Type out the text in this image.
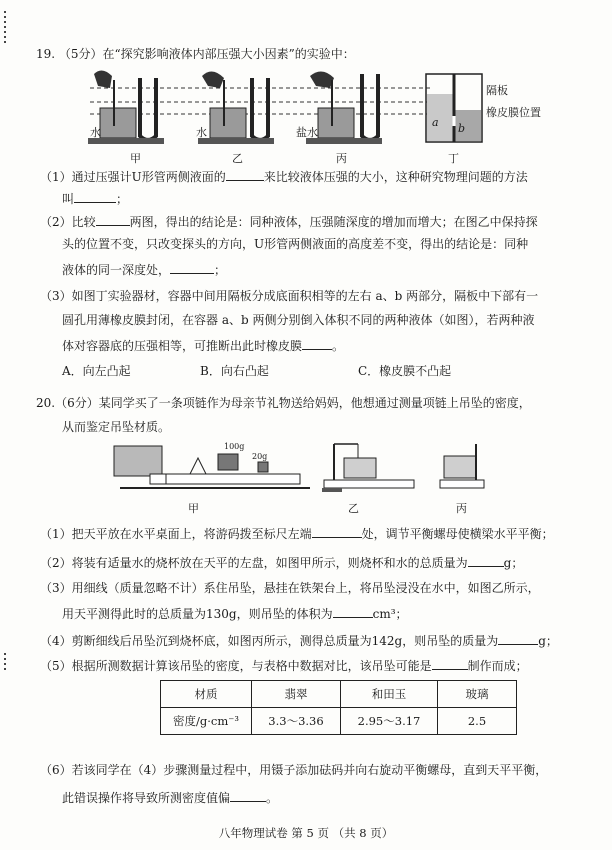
19. （5分）在“探究影响液体内部压强大小因素”的实验中：
水	水	盐水
甲	乙	丙
隔板
橡皮膜位置
a b
丁
（1）通过压强计U形管两侧液面的	来比较液体压强的大小，这种研究物理问题的方法
叫	；
（2）比较	两图，得出的结论是：同种液体，压强随深度的增加而增大；在图乙中保持探
头的位置不变，只改变探头的方向，U形管两侧液面的高度差不变，得出的结论是：同种
液体的同一深度处，	；
（3）如图丁实验器材，容器中间用隔板分成底面积相等的左右 a、b 两部分，隔板中下部有一
圆孔用薄橡皮膜封闭，在容器 a、b 两侧分别倒入体积不同的两种液体（如图），若两种液
体对容器底的压强相等，可推断出此时橡皮膜	。
A．向左凸起	B．向右凸起	C．橡皮膜不凸起
20.（6分）某同学买了一条项链作为母亲节礼物送给妈妈，他想通过测量项链上吊坠的密度，
从而鉴定吊坠材质。
100g
20g
甲	乙	丙
（1）把天平放在水平桌面上，将游码拨至标尺左端	处，调节平衡螺母使横梁水平平衡；
（2）将装有适量水的烧杯放在天平的左盘，如图甲所示，则烧杯和水的总质量为	g；
（3）用细线（质量忽略不计）系住吊坠，悬挂在铁架台上，将吊坠浸没在水中，如图乙所示，
用天平测得此时的总质量为130g，则吊坠的体积为	cm³；
（4）剪断细线后吊坠沉到烧杯底，如图丙所示，测得总质量为142g，则吊坠的质量为	g；
（5）根据所测数据计算该吊坠的密度，与表格中数据对比，该吊坠可能是	制作而成；
材质	翡翠	和田玉	玻璃
密度/g·cm⁻³	3.3～3.36	2.95～3.17	2.5
（6）若该同学在（4）步骤测量过程中，用镊子添加砝码并向右旋动平衡螺母，直到天平平衡，
此错误操作将导致所测密度值偏	。
八年物理试卷 第 5 页 （共 8 页）
